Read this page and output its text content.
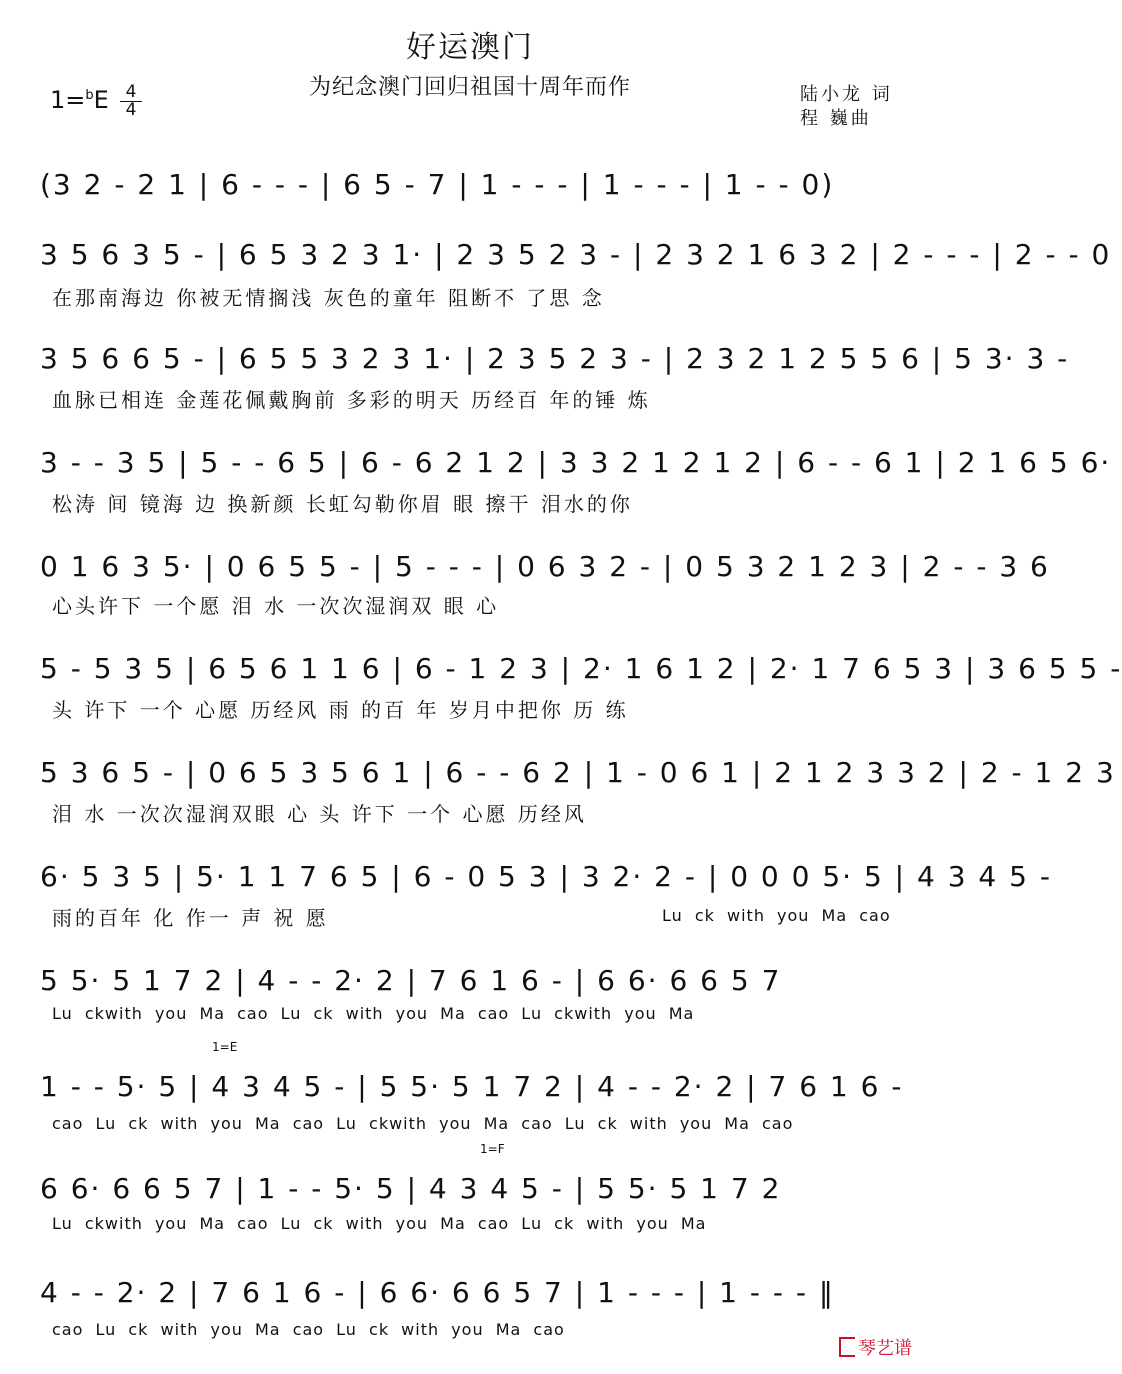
好运澳门
为纪念澳门回归祖国十周年而作
1=$^b$E 4
4
陆小龙 词
程 巍曲
(3 2 - 2 1 | 6 - - - | 6 5 - 7 | 1 - - - | 1 - - - | 1 - - 0)
3 5 6 3 5 - | 6 5 3 2 3 1· | 2 3 5 2 3 - | 2 3 2 1 6 3 2 | 2 - - - | 2 - - 0
在那南海边 你被无情搁浅 灰色的童年 阻断不 了思 念
3 5 6 6 5 - | 6 5 5 3 2 3 1· | 2 3 5 2 3 - | 2 3 2 1 2 5 5 6 | 5 3· 3 -
血脉已相连 金莲花佩戴胸前 多彩的明天 历经百 年的锤 炼
3 - - 3 5 | 5 - - 6 5 | 6 - 6 2 1 2 | 3 3 2 1 2 1 2 | 6 - - 6 1 | 2 1 6 5 6·
松涛 间 镜海 边 换新颜 长虹勾勒你眉 眼 擦干 泪水的你
0 1 6 3 5· | 0 6 5 5 - | 5 - - - | 0 6 3 2 - | 0 5 3 2 1 2 3 | 2 - - 3 6
心头许下 一个愿 泪 水 一次次湿润双 眼 心
5 - 5 3 5 | 6 5 6 1 1 6 | 6 - 1 2 3 | 2· 1 6 1 2 | 2· 1 7 6 5 3 | 3 6 5 5 -
头 许下 一个 心愿 历经风 雨 的百 年 岁月中把你 历 练
5 3 6 5 - | 0 6 5 3 5 6 1 | 6 - - 6 2 | 1 - 0 6 1 | 2 1 2 3 3 2 | 2 - 1 2 3
泪 水 一次次湿润双眼 心 头 许下 一个 心愿 历经风
6· 5 3 5 | 5· 1 1 7 6 5 | 6 - 0 5 3 | 3 2· 2 - | 0 0 0 5· 5 | 4 3 4 5 -
雨的百年 化 作一 声 祝 愿	Lu ck with you Ma cao
5 5· 5 1 7 2 | 4 - - 2· 2 | 7 6 1 6 - | 6 6· 6 6 5 7
Lu ckwith you Ma cao Lu ck with you Ma cao Lu ckwith you Ma
1=E
1 - - 5· 5 | 4 3 4 5 - | 5 5· 5 1 7 2 | 4 - - 2· 2 | 7 6 1 6 -
cao Lu ck with you Ma cao Lu ckwith you Ma cao Lu ck with you Ma cao
1=F
6 6· 6 6 5 7 | 1 - - 5· 5 | 4 3 4 5 - | 5 5· 5 1 7 2
Lu ckwith you Ma cao Lu ck with you Ma cao Lu ck with you Ma
4 - - 2· 2 | 7 6 1 6 - | 6 6· 6 6 5 7 | 1 - - - | 1 - - - ‖
cao Lu ck with you Ma cao Lu ck with you Ma cao
琴艺谱
